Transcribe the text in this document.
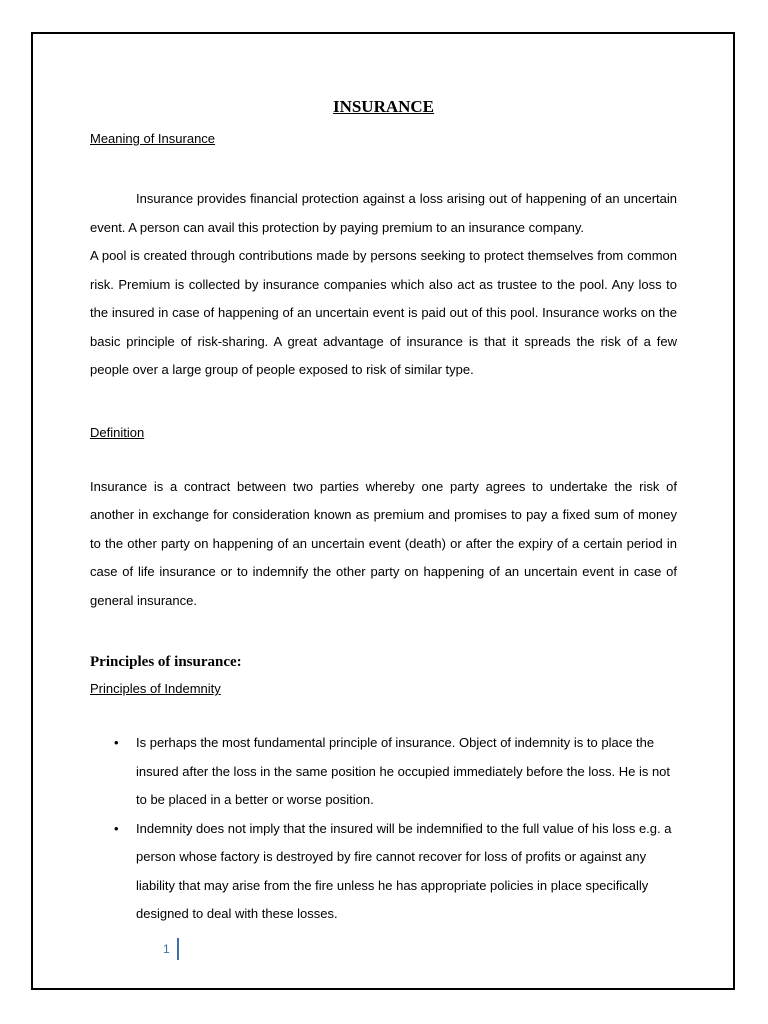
INSURANCE

Meaning of Insurance

Insurance provides financial protection against a loss arising out of happening of an uncertain event. A person can avail this protection by paying premium to an insurance company.

A pool is created through contributions made by persons seeking to protect themselves from common risk. Premium is collected by insurance companies which also act as trustee to the pool. Any loss to the insured in case of happening of an uncertain event is paid out of this pool. Insurance works on the basic principle of risk-sharing. A great advantage of insurance is that it spreads the risk of a few people over a large group of people exposed to risk of similar type.

Definition

Insurance is a contract between two parties whereby one party agrees to undertake the risk of another in exchange for consideration known as premium and promises to pay a fixed sum of money to the other party on happening of an uncertain event (death) or after the expiry of a certain period in case of life insurance or to indemnify the other party on happening of an uncertain event in case of general insurance.

Principles of insurance:

Principles of Indemnity

• Is perhaps the most fundamental principle of insurance. Object of indemnity is to place the insured after the loss in the same position he occupied immediately before the loss. He is not to be placed in a better or worse position.
• Indemnity does not imply that the insured will be indemnified to the full value of his loss e.g. a person whose factory is destroyed by fire cannot recover for loss of profits or against any liability that may arise from the fire unless he has appropriate policies in place specifically designed to deal with these losses.
1
